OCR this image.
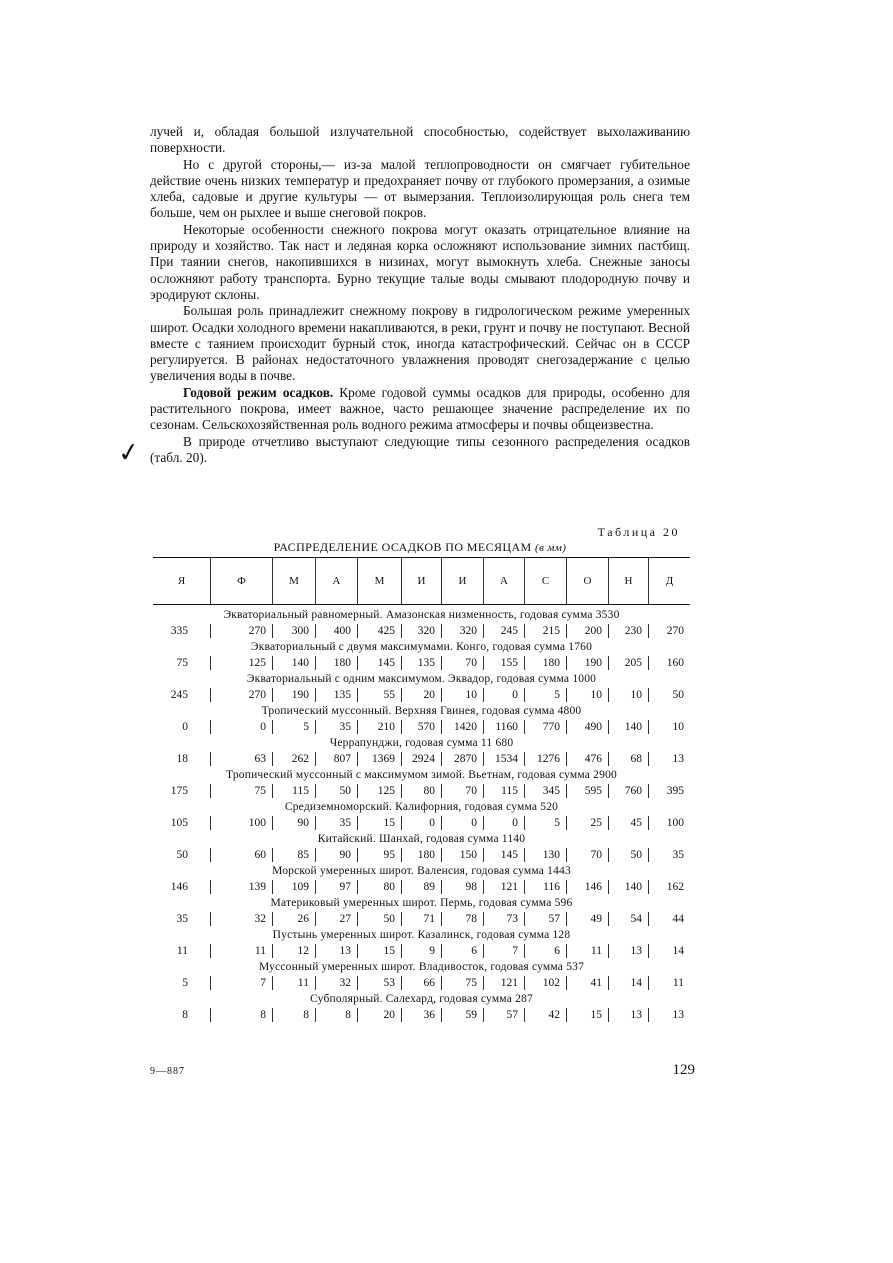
лучей и, обладая большой излучательной способностью, содействует выхолаживанию поверхности.

Но с другой стороны,— из-за малой теплопроводности он смягчает губительное действие очень низких температур и предохраняет почву от глубокого промерзания, а озимые хлеба, садовые и другие культуры — от вымерзания. Теплоизолирующая роль снега тем больше, чем он рыхлее и выше снеговой покров.

Некоторые особенности снежного покрова могут оказать отрицательное влияние на природу и хозяйство. Так наст и ледяная корка осложняют использование зимних пастбищ. При таянии снегов, накопившихся в низинах, могут вымокнуть хлеба. Снежные заносы осложняют работу транспорта. Бурно текущие талые воды смывают плодородную почву и эродируют склоны.

Большая роль принадлежит снежному покрову в гидрологическом режиме умеренных широт. Осадки холодного времени накапливаются, в реки, грунт и почву не поступают. Весной вместе с таянием происходит бурный сток, иногда катастрофический. Сейчас он в СССР регулируется. В районах недостаточного увлажнения проводят снегозадержание с целью увеличения воды в почве.

Годовой режим осадков. Кроме годовой суммы осадков для природы, особенно для растительного покрова, имеет важное, часто решающее значение распределение их по сезонам. Сельскохозяйственная роль водного режима атмосферы и почвы общеизвестна.

В природе отчетливо выступают следующие типы сезонного распределения осадков (табл. 20).

✓
Таблица 20
РАСПРЕДЕЛЕНИЕ ОСАДКОВ ПО МЕСЯЦАМ (в мм)
Я	Ф	М	А	М	И	И	А	С	О	Н	Д
Экваториальный равномерный. Амазонская низменность, годовая сумма 3530
335	270	300	400	425	320	320	245	215	200	230	270
Экваториальный с двумя максимумами. Конго, годовая сумма 1760
75	125	140	180	145	135	70	155	180	190	205	160
Экваториальный с одним максимумом. Эквадор, годовая сумма 1000
245	270	190	135	55	20	10	0	5	10	10	50
Тропический муссонный. Верхняя Гвинея, годовая сумма 4800
0	0	5	35	210	570	1420	1160	770	490	140	10
Черрапунджи, годовая сумма 11 680
18	63	262	807	1369	2924	2870	1534	1276	476	68	13
Тропический муссонный с максимумом зимой. Вьетнам, годовая сумма 2900
175	75	115	50	125	80	70	115	345	595	760	395
Средиземноморский. Калифорния, годовая сумма 520
105	100	90	35	15	0	0	0	5	25	45	100
Китайский. Шанхай, годовая сумма 1140
50	60	85	90	95	180	150	145	130	70	50	35
Морской умеренных широт. Валенсия, годовая сумма 1443
146	139	109	97	80	89	98	121	116	146	140	162
Материковый умеренных широт. Пермь, годовая сумма 596
35	32	26	27	50	71	78	73	57	49	54	44
Пустынь умеренных широт. Казалинск, годовая сумма 128
11	11	12	13	15	9	6	7	6	11	13	14
Муссонный умеренных широт. Владивосток, годовая сумма 537
5	7	11	32	53	66	75	121	102	41	14	11
Субполярный. Салехард, годовая сумма 287
8	8	8	8	20	36	59	57	42	15	13	13
9—887	129
